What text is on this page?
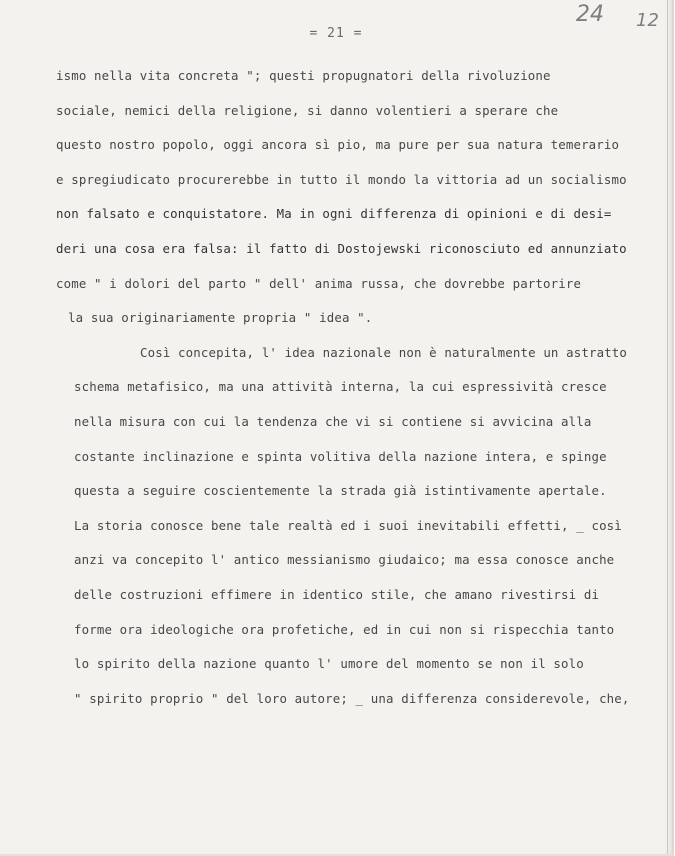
= 21 =
24 12
ismo nella vita concreta "; questi propugnatori della rivoluzione
sociale, nemici della religione, si danno volentieri a sperare che
questo nostro popolo, oggi ancora sì pio, ma pure per sua natura temerario
e spregiudicato procurerebbe in tutto il mondo la vittoria ad un socialismo
non falsato e conquistatore. Ma in ogni differenza di opinioni e di desi=
deri una cosa era falsa: il fatto di Dostojewski riconosciuto ed annunziato
come " i dolori del parto " dell' anima russa, che dovrebbe partorire
la sua originariamente propria " idea ".
Così concepita, l' idea nazionale non è naturalmente un astratto
schema metafisico, ma una attività interna, la cui espressività cresce
nella misura con cui la tendenza che vi si contiene si avvicina alla
costante inclinazione e spinta volitiva della nazione intera, e spinge
questa a seguire coscientemente la strada già istintivamente apertale.
La storia conosce bene tale realtà ed i suoi inevitabili effetti, _ così
anzi va concepito l' antico messianismo giudaico; ma essa conosce anche
delle costruzioni effimere in identico stile, che amano rivestirsi di
forme ora ideologiche ora profetiche, ed in cui non si rispecchia tanto
lo spirito della nazione quanto l' umore del momento se non il solo
" spirito proprio " del loro autore; _ una differenza considerevole, che,
